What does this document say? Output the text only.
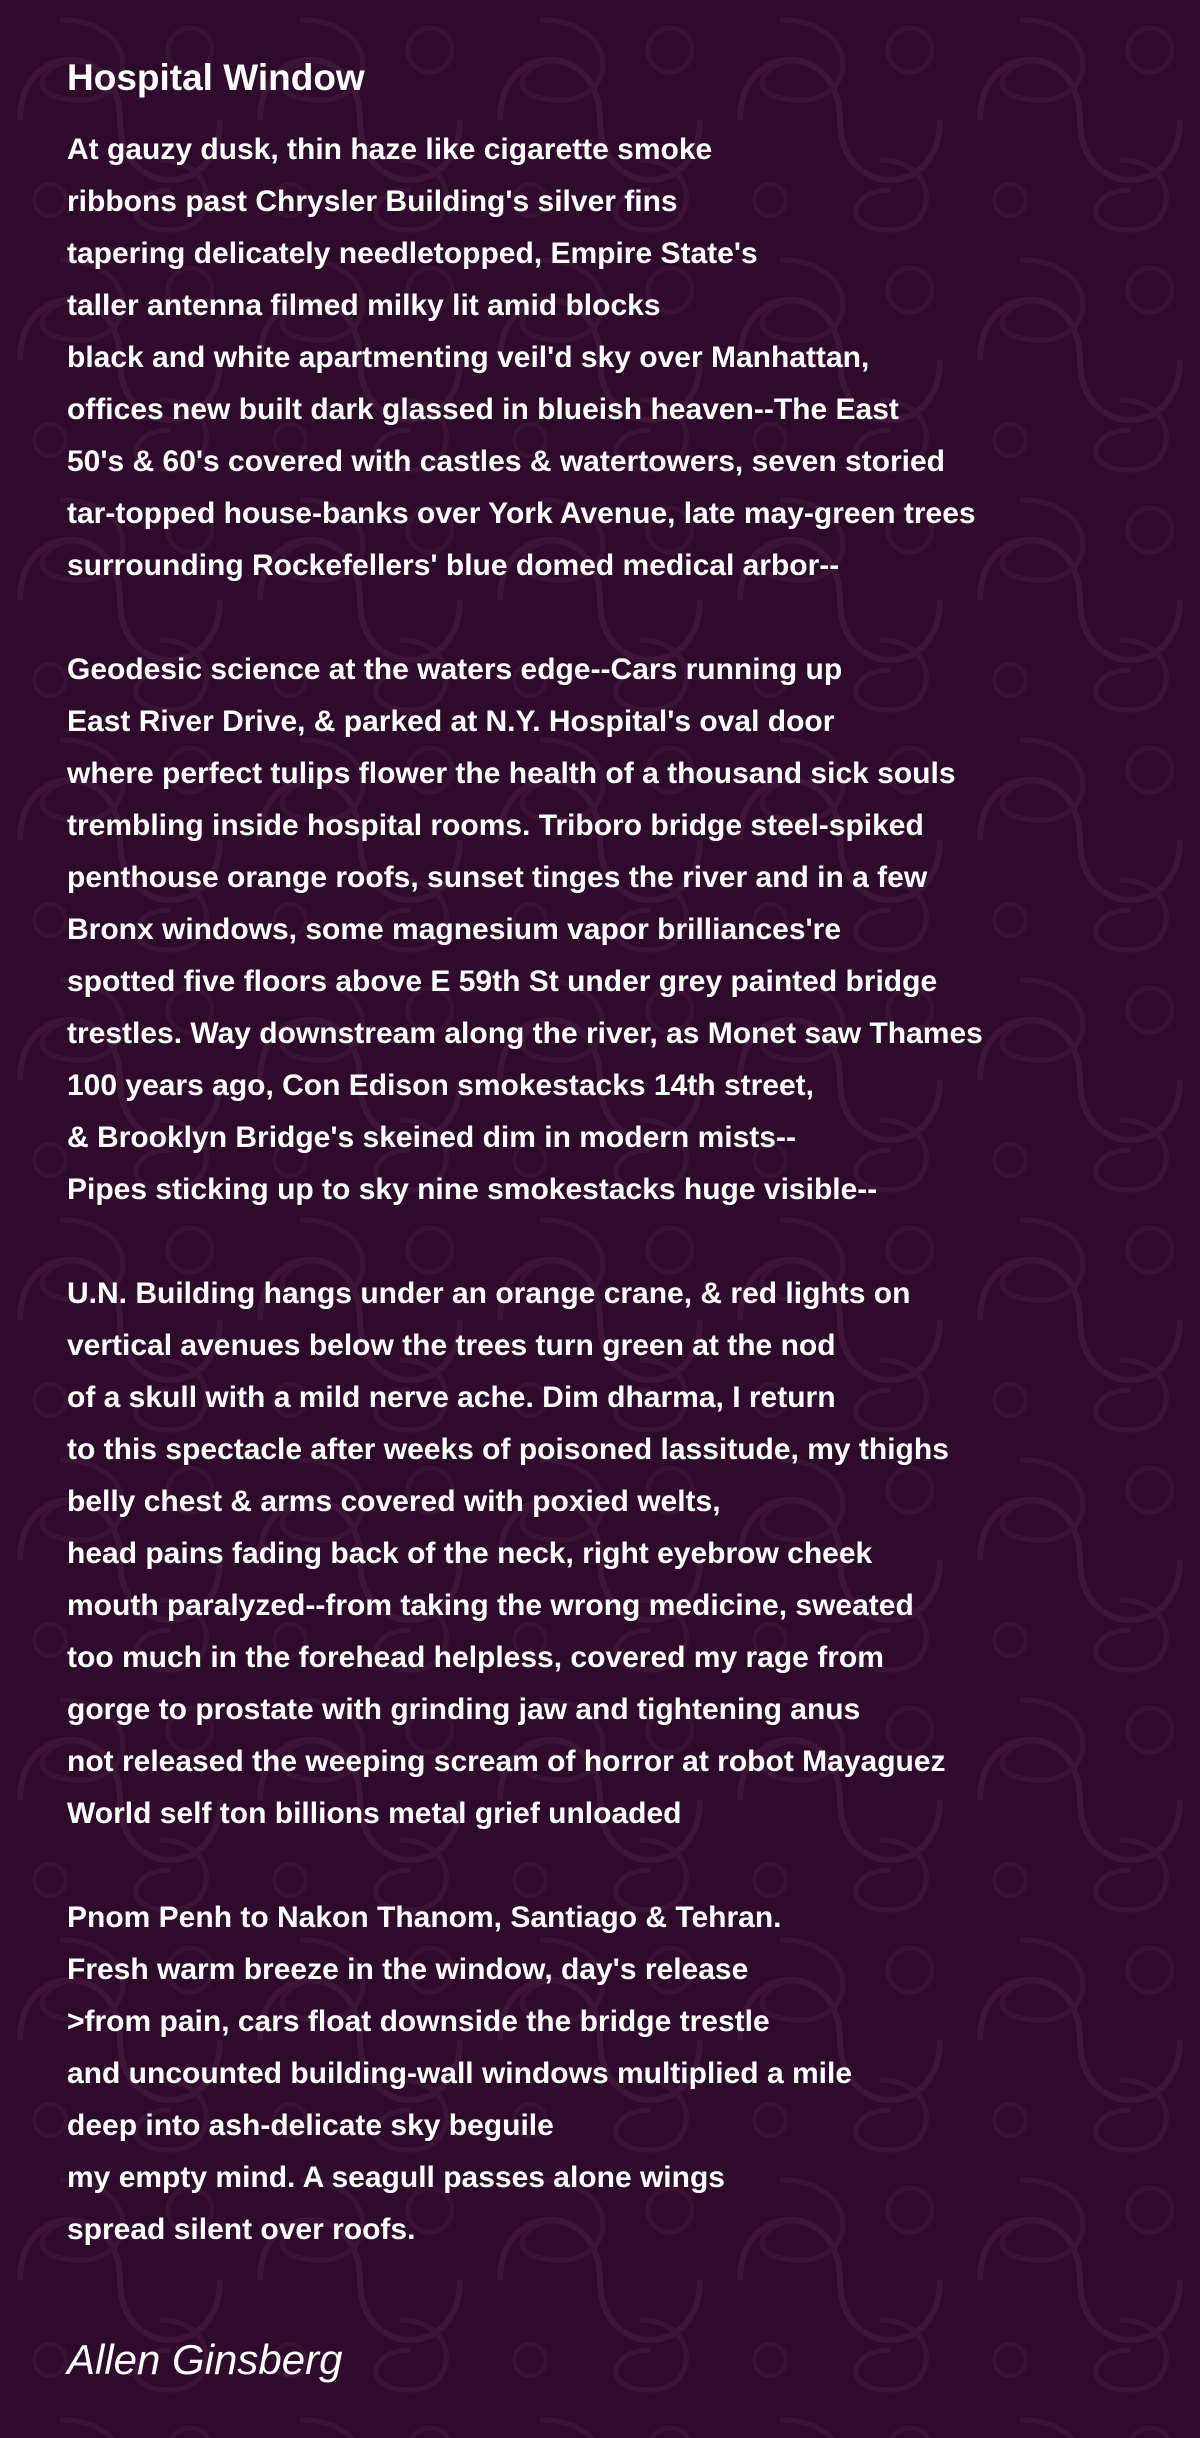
Hospital Window
At gauzy dusk, thin haze like cigarette smoke
ribbons past Chrysler Building's silver fins
tapering delicately needletopped, Empire State's
taller antenna filmed milky lit amid blocks
black and white apartmenting veil'd sky over Manhattan,
offices new built dark glassed in blueish heaven--The East
50's & 60's covered with castles & watertowers, seven storied
tar-topped house-banks over York Avenue, late may-green trees
surrounding Rockefellers' blue domed medical arbor--
Geodesic science at the waters edge--Cars running up
East River Drive, & parked at N.Y. Hospital's oval door
where perfect tulips flower the health of a thousand sick souls
trembling inside hospital rooms. Triboro bridge steel-spiked
penthouse orange roofs, sunset tinges the river and in a few
Bronx windows, some magnesium vapor brilliances're
spotted five floors above E 59th St under grey painted bridge
trestles. Way downstream along the river, as Monet saw Thames
100 years ago, Con Edison smokestacks 14th street,
& Brooklyn Bridge's skeined dim in modern mists--
Pipes sticking up to sky nine smokestacks huge visible--
U.N. Building hangs under an orange crane, & red lights on
vertical avenues below the trees turn green at the nod
of a skull with a mild nerve ache. Dim dharma, I return
to this spectacle after weeks of poisoned lassitude, my thighs
belly chest & arms covered with poxied welts,
head pains fading back of the neck, right eyebrow cheek
mouth paralyzed--from taking the wrong medicine, sweated
too much in the forehead helpless, covered my rage from
gorge to prostate with grinding jaw and tightening anus
not released the weeping scream of horror at robot Mayaguez
World self ton billions metal grief unloaded
Pnom Penh to Nakon Thanom, Santiago & Tehran.
Fresh warm breeze in the window, day's release
>from pain, cars float downside the bridge trestle
and uncounted building-wall windows multiplied a mile
deep into ash-delicate sky beguile
my empty mind. A seagull passes alone wings
spread silent over roofs.
Allen Ginsberg
